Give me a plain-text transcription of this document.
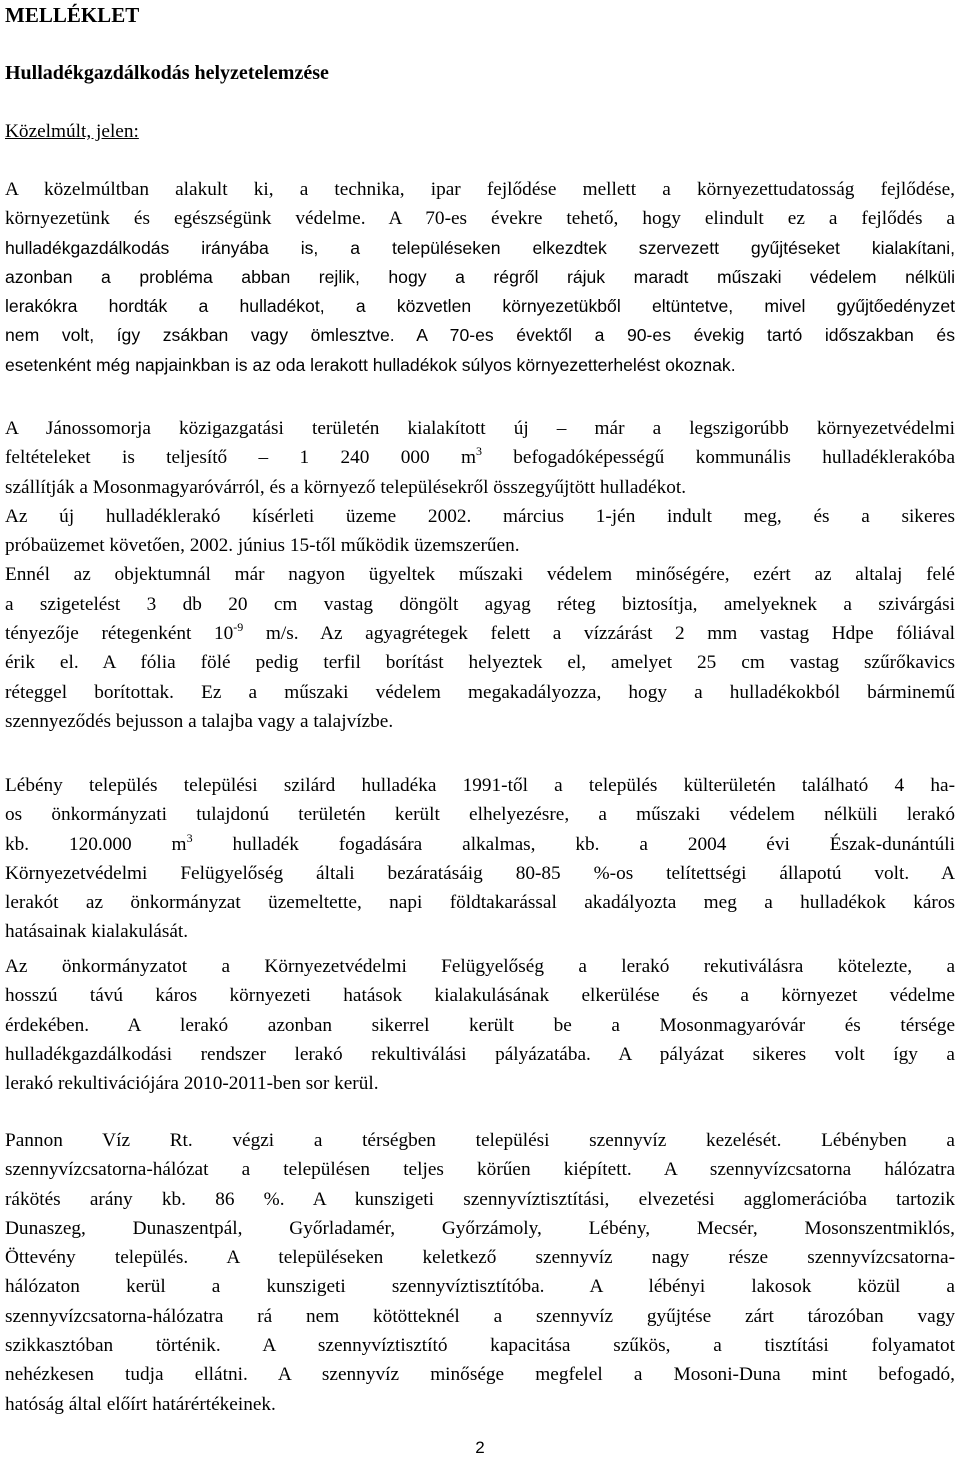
MELLÉKLET
Hulladékgazdálkodás helyzetelemzése
Közelmúlt, jelen:

A közelmúltban alakult ki, a technika, ipar fejlődése mellett a környezettudatosság fejlődése,
környezetünk és egészségünk védelme. A 70-es évekre tehető, hogy elindult ez a fejlődés a
hulladékgazdálkodás irányába is, a településeken elkezdtek szervezett gyűjtéseket kialakítani,
azonban a probléma abban rejlik, hogy a régről rájuk maradt műszaki védelem nélküli
lerakókra hordták a hulladékot, a közvetlen környezetükből eltüntetve, mivel gyűjtőedényzet
nem volt, így zsákban vagy ömlesztve. A 70-es évektől a 90-es évekig tartó időszakban és
esetenként még napjainkban is az oda lerakott hulladékok súlyos környezetterhelést okoznak.

A Jánossomorja közigazgatási területén kialakított új – már a legszigorúbb környezetvédelmi
feltételeket is teljesítő – 1 240 000 $m^3$ befogadóképességű kommunális hulladéklerakóba
szállítják a Mosonmagyaróvárról, és a környező településekről összegyűjtött hulladékot.
Az új hulladéklerakó kísérleti üzeme 2002. március 1-jén indult meg, és a sikeres
próbaüzemet követően, 2002. június 15-től működik üzemszerűen.
Ennél az objektumnál már nagyon ügyeltek műszaki védelem minőségére, ezért az altalaj felé
a szigetelést 3 db 20 cm vastag döngölt agyag réteg biztosítja, amelyeknek a szivárgási
tényezője rétegenként $10^{-9}$ m/s. Az agyagrétegek felett a vízzárást 2 mm vastag Hdpe fóliával
érik el. A fólia fölé pedig terfil borítást helyeztek el, amelyet 25 cm vastag szűrőkavics
réteggel borítottak. Ez a műszaki védelem megakadályozza, hogy a hulladékokból bárminemű
szennyeződés bejusson a talajba vagy a talajvízbe.

Lébény település települési szilárd hulladéka 1991-től a település külterületén található 4 ha-
os önkormányzati tulajdonú területén került elhelyezésre, a műszaki védelem nélküli lerakó
kb. 120.000 $m^3$ hulladék fogadására alkalmas, kb. a 2004 évi Észak-dunántúli
Környezetvédelmi Felügyelőség általi bezáratásáig 80-85 %-os telítettségi állapotú volt. A
lerakót az önkormányzat üzemeltette, napi földtakarással akadályozta meg a hulladékok káros
hatásainak kialakulását.

Az önkormányzatot a Környezetvédelmi Felügyelőség a lerakó rekutiválásra kötelezte, a
hosszú távú káros környezeti hatások kialakulásának elkerülése és a környezet védelme
érdekében. A lerakó azonban sikerrel került be a Mosonmagyaróvár és térsége
hulladékgazdálkodási rendszer lerakó rekultiválási pályázatába. A pályázat sikeres volt így a
lerakó rekultivációjára 2010-2011-ben sor kerül.

Pannon Víz Rt. végzi a térségben települési szennyvíz kezelését. Lébényben a
szennyvízcsatorna-hálózat a településen teljes körűen kiépített. A szennyvízcsatorna hálózatra
rákötés arány kb. 86 %. A kunszigeti szennyvíztisztítási, elvezetési agglomerációba tartozik
Dunaszeg, Dunaszentpál, Győrladamér, Győrzámoly, Lébény, Mecsér, Mosonszentmiklós,
Öttevény település. A településeken keletkező szennyvíz nagy része szennyvízcsatorna-
hálózaton kerül a kunszigeti szennyvíztisztítóba. A lébényi lakosok közül a
szennyvízcsatorna-hálózatra rá nem kötötteknél a szennyvíz gyűjtése zárt tározóban vagy
szikkasztóban történik. A szennyvíztisztító kapacitása szűkös, a tisztítási folyamatot
nehézkesen tudja ellátni. A szennyvíz minősége megfelel a Mosoni-Duna mint befogadó,
hatóság által előírt határértékeinek.

2
